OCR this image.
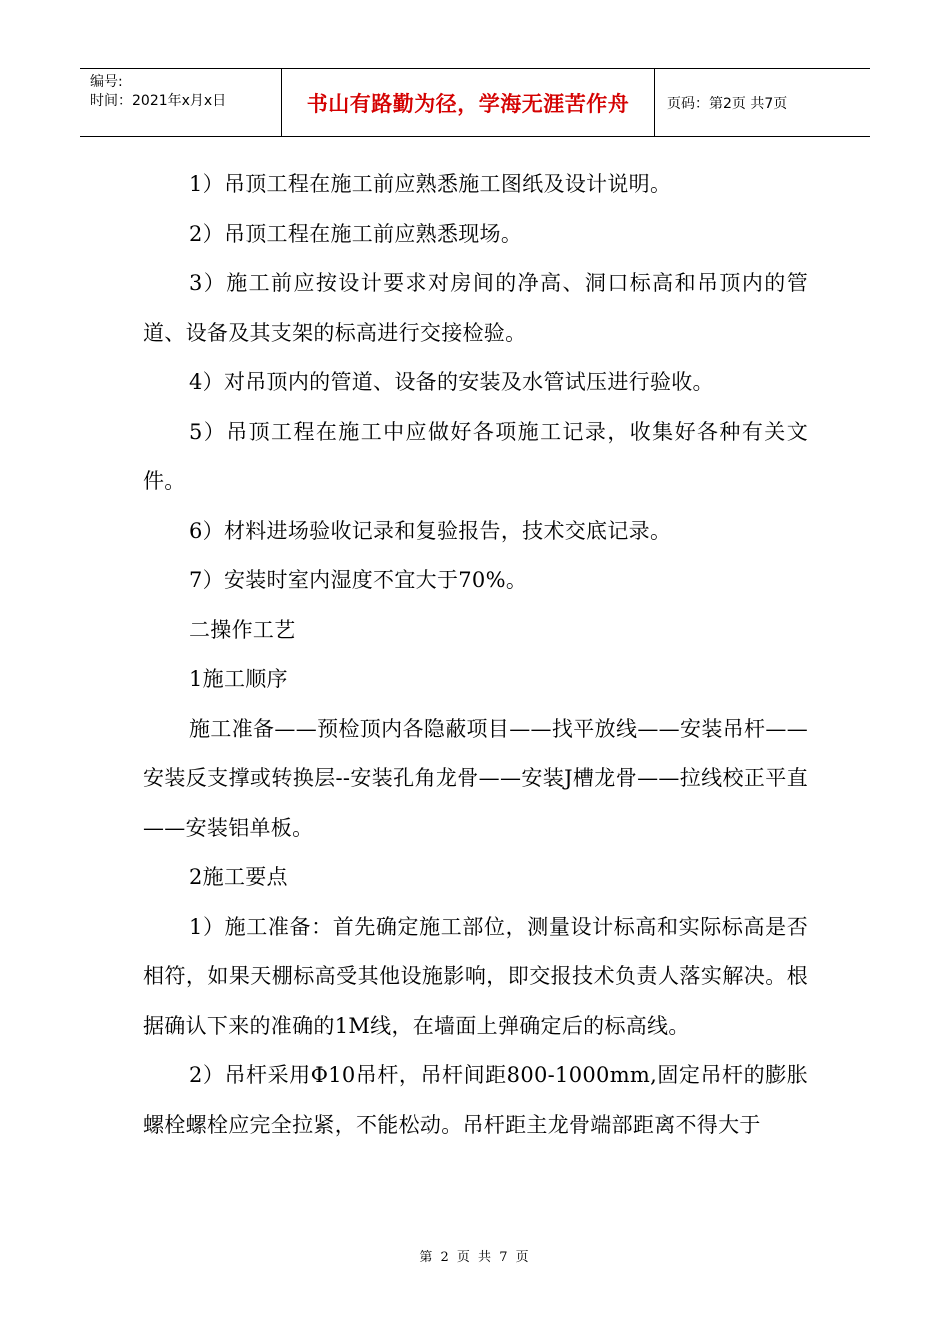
编号:
时间：2021年x月x日	书山有路勤为径，学海无涯苦作舟	页码：第2页 共7页

1）吊顶工程在施工前应熟悉施工图纸及设计说明。

2）吊顶工程在施工前应熟悉现场。

3）施工前应按设计要求对房间的净高、洞口标高和吊顶内的管道、设备及其支架的标高进行交接检验。

4）对吊顶内的管道、设备的安装及水管试压进行验收。

5）吊顶工程在施工中应做好各项施工记录，收集好各种有关文件。

6）材料进场验收记录和复验报告，技术交底记录。

7）安装时室内湿度不宜大于70%。

二操作工艺

1施工顺序

施工准备——预检顶内各隐蔽项目——找平放线——安装吊杆——安装反支撑或转换层--安装孔角龙骨——安装J槽龙骨——拉线校正平直——安装铝单板。

2施工要点

1）施工准备：首先确定施工部位，测量设计标高和实际标高是否相符，如果天棚标高受其他设施影响，即交报技术负责人落实解决。根据确认下来的准确的1M线，在墙面上弹确定后的标高线。

2）吊杆采用Φ10吊杆，吊杆间距800-1000mm,固定吊杆的膨胀螺栓螺栓应完全拉紧，不能松动。吊杆距主龙骨端部距离不得大于

第 2 页 共 7 页
